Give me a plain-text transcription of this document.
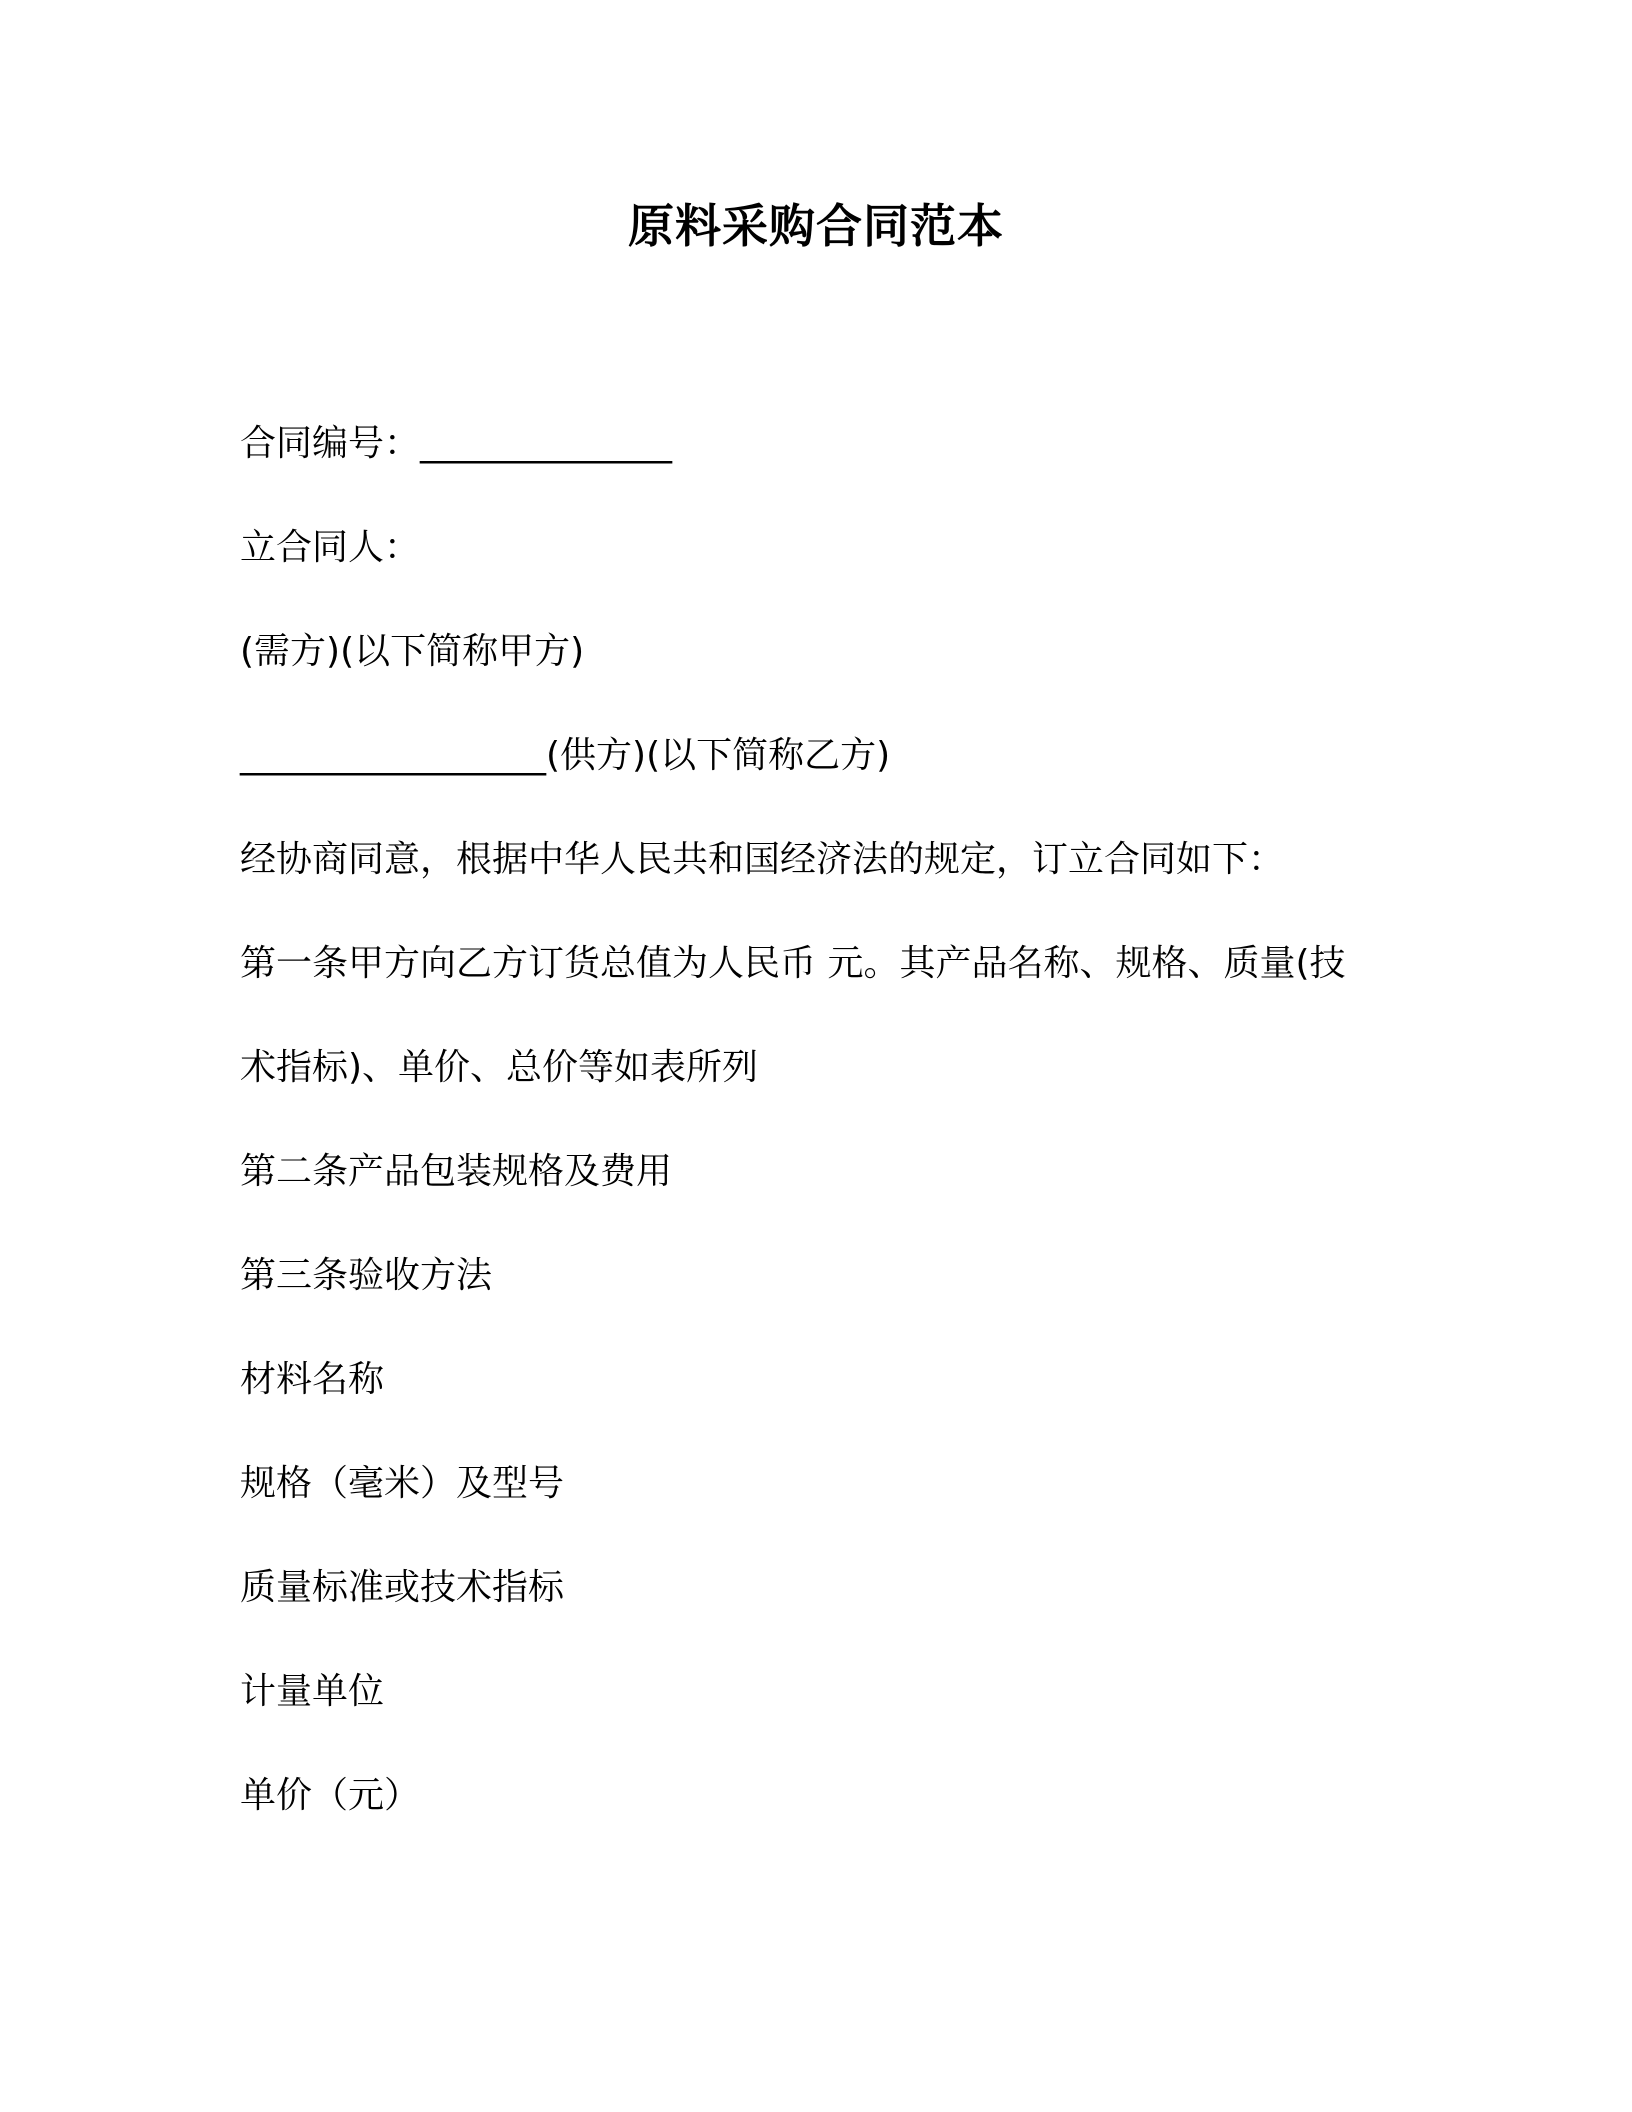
原料采购合同范本
合同编号：______________
立合同人：
(需方)(以下简称甲方)
_________________(供方)(以下简称乙方)
经协商同意，根据中华人民共和国经济法的规定，订立合同如下：
第一条甲方向乙方订货总值为人民币 元。其产品名称、规格、质量(技
术指标)、单价、总价等如表所列
第二条产品包装规格及费用
第三条验收方法
材料名称
规格（毫米）及型号
质量标准或技术指标
计量单位
单价（元）
